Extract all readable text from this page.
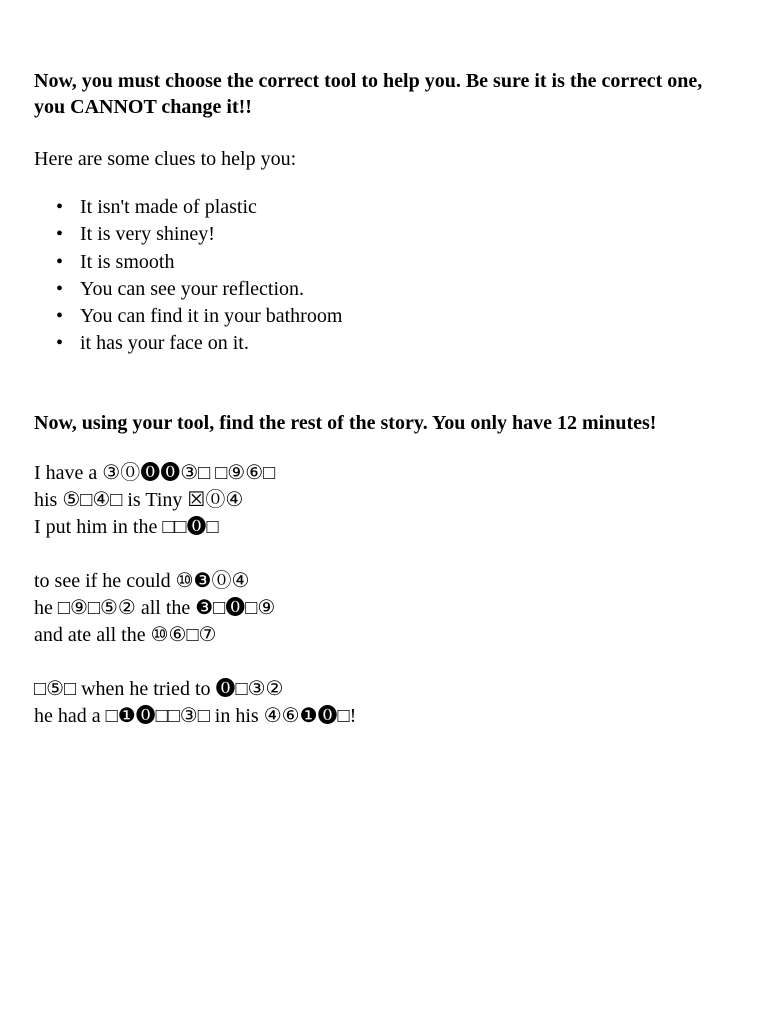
Now, you must choose the correct tool to help you. Be sure it is the correct one, you CANNOT change it!!

Here are some clues to help you:

• It isn't made of plastic
• It is very shiney!
• It is smooth
• You can see your reflection.
• You can find it in your bathroom
• it has your face on it.

Now, using your tool, find the rest of the story. You only have 12 minutes!

I have a ③⓪⓿⓿③□ □⑨⑥□
his ⑤□④□ is Tiny ☒⓪④
I put him in the □□⓿□
to see if he could ⑩❸⓪④
he □⑨□⑤② all the ❸□⓿□⑨
and ate all the ⑩⑥□⑦
□⑤□ when he tried to ⓿□③②
he had a □❶⓿□□③□ in his ④⑥❶⓿□!
